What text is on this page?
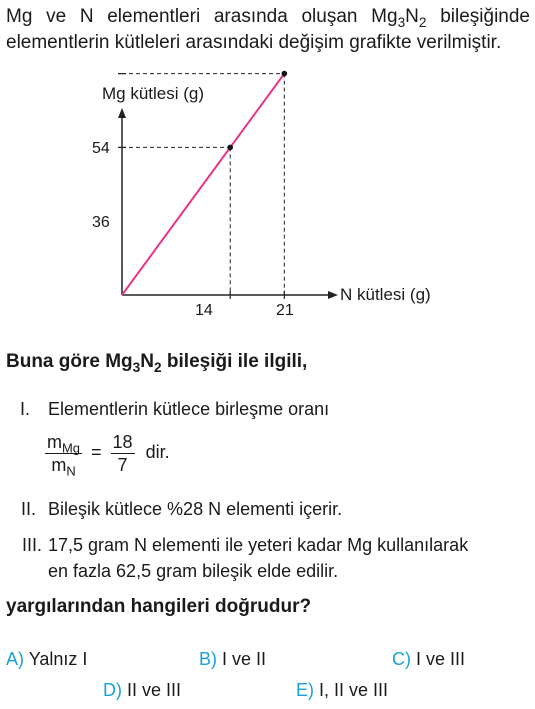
Mg ve N elementleri arasında oluşan $Mg_3N_2$ bileşiğinde
elementlerin kütleleri arasındaki değişim grafikte verilmiştir.
Mg kütlesi (g)
N kütlesi (g)
54
36
14	21
Buna göre $Mg_3N_2$ bileşiği ile ilgili,
I. Elementlerin kütlece birleşme oranı
$\frac{m_{Mg}}{m_N} = \frac{18}{7}$ dir.
II. Bileşik kütlece %28 N elementi içerir.
III. 17,5 gram N elementi ile yeteri kadar Mg kullanılarak
en fazla 62,5 gram bileşik elde edilir.
yargılarından hangileri doğrudur?
A) Yalnız I	B) I ve II	C) I ve III
D) II ve III	E) I, II ve III
